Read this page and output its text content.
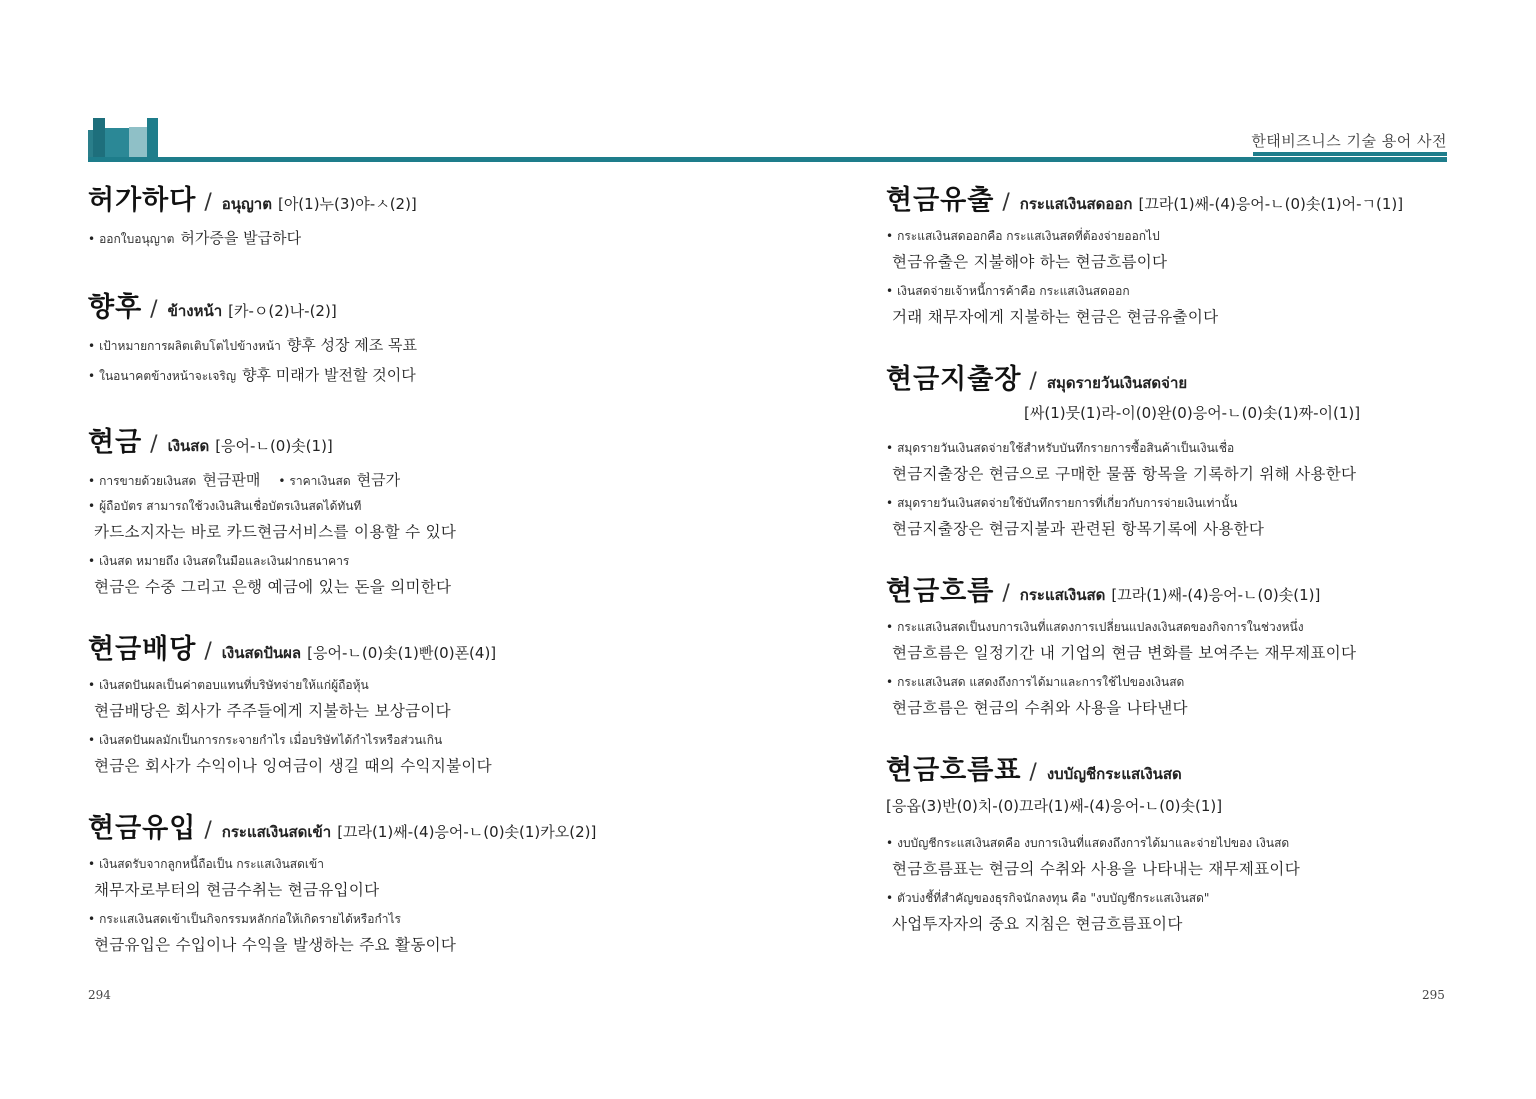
한태비즈니스 기술 용어 사전
허가하다 / อนุญาต [아(1)누(3)야-ㅅ(2)]
• ออกใบอนุญาต 허가증을 발급하다
향후 / ข้างหน้า [카-ㅇ(2)나-(2)]
• เป้าหมายการผลิตเติบโตไปข้างหน้า 향후 성장 제조 목표
• ในอนาคตข้างหน้าจะเจริญ 향후 미래가 발전할 것이다
현금 / เงินสด [응어-ㄴ(0)솟(1)]
• การขายด้วยเงินสด 현금판매 • ราคาเงินสด 현금가
• ผู้ถือบัตร สามารถใช้วงเงินสินเชื่อบัตรเงินสดได้ทันที
카드소지자는 바로 카드현금서비스를 이용할 수 있다
• เงินสด หมายถึง เงินสดในมือและเงินฝากธนาคาร
현금은 수중 그리고 은행 예금에 있는 돈을 의미한다
현금배당 / เงินสดปันผล [응어-ㄴ(0)솟(1)빤(0)폰(4)]
• เงินสดปันผลเป็นค่าตอบแทนที่บริษัทจ่ายให้แก่ผู้ถือหุ้น
현금배당은 회사가 주주들에게 지불하는 보상금이다
• เงินสดปันผลมักเป็นการกระจายกำไร เมื่อบริษัทได้กำไรหรือส่วนเกิน
현금은 회사가 수익이나 잉여금이 생길 때의 수익지불이다
현금유입 / กระแสเงินสดเข้า [끄라(1)쌔-(4)응어-ㄴ(0)솟(1)카오(2)]
• เงินสดรับจากลูกหนี้ถือเป็น กระแสเงินสดเข้า
채무자로부터의 현금수취는 현금유입이다
• กระแสเงินสดเข้าเป็นกิจกรรมหลักก่อให้เกิดรายได้หรือกำไร
현금유입은 수입이나 수익을 발생하는 주요 활동이다
현금유출 / กระแสเงินสดออก [끄라(1)쌔-(4)응어-ㄴ(0)솟(1)어-ㄱ(1)]
• กระแสเงินสดออกคือ กระแสเงินสดที่ต้องจ่ายออกไป
현금유출은 지불해야 하는 현금흐름이다
• เงินสดจ่ายเจ้าหนี้การค้าคือ กระแสเงินสดออก
거래 채무자에게 지불하는 현금은 현금유출이다
현금지출장 / สมุดรายวันเงินสดจ่าย
[싸(1)뭇(1)라-이(0)완(0)응어-ㄴ(0)솟(1)짜-이(1)]
• สมุดรายวันเงินสดจ่ายใช้สำหรับบันทึกรายการซื้อสินค้าเป็นเงินเชื่อ
현금지출장은 현금으로 구매한 물품 항목을 기록하기 위해 사용한다
• สมุดรายวันเงินสดจ่ายใช้บันทึกรายการที่เกี่ยวกับการจ่ายเงินเท่านั้น
현금지출장은 현금지불과 관련된 항목기록에 사용한다
현금흐름 / กระแสเงินสด [끄라(1)쌔-(4)응어-ㄴ(0)솟(1)]
• กระแสเงินสดเป็นงบการเงินที่แสดงการเปลี่ยนแปลงเงินสดของกิจการในช่วงหนึ่ง
현금흐름은 일정기간 내 기업의 현금 변화를 보여주는 재무제표이다
• กระแสเงินสด แสดงถึงการได้มาและการใช้ไปของเงินสด
현금흐름은 현금의 수취와 사용을 나타낸다
현금흐름표 / งบบัญชีกระแสเงินสด
[응옵(3)반(0)치-(0)끄라(1)쌔-(4)응어-ㄴ(0)솟(1)]
• งบบัญชีกระแสเงินสดคือ งบการเงินที่แสดงถึงการได้มาและจ่ายไปของ เงินสด
현금흐름표는 현금의 수취와 사용을 나타내는 재무제표이다
• ตัวบ่งชี้ที่สำคัญของธุรกิจนักลงทุน คือ "งบบัญชีกระแสเงินสด"
사업투자자의 중요 지침은 현금흐름표이다
294	295
